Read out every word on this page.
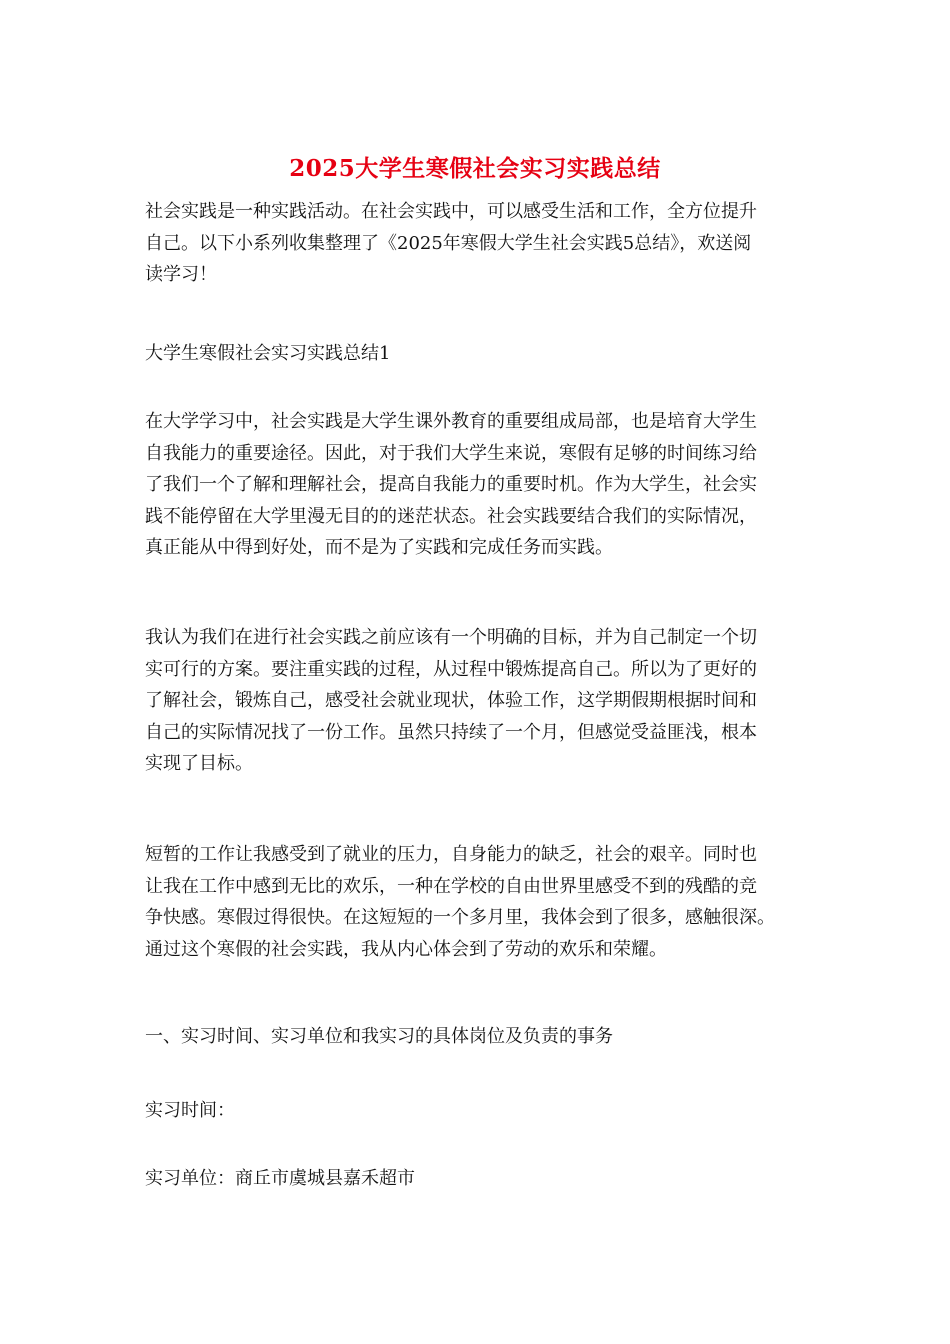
2025大学生寒假社会实习实践总结

社会实践是一种实践活动。在社会实践中，可以感受生活和工作，全方位提升
自己。以下小系列收集整理了《2025年寒假大学生社会实践5总结》，欢送阅
读学习！

大学生寒假社会实习实践总结1

在大学学习中，社会实践是大学生课外教育的重要组成局部，也是培育大学生
自我能力的重要途径。因此，对于我们大学生来说，寒假有足够的时间练习给
了我们一个了解和理解社会，提高自我能力的重要时机。作为大学生，社会实
践不能停留在大学里漫无目的的迷茫状态。社会实践要结合我们的实际情况，
真正能从中得到好处，而不是为了实践和完成任务而实践。

我认为我们在进行社会实践之前应该有一个明确的目标，并为自己制定一个切
实可行的方案。要注重实践的过程，从过程中锻炼提高自己。所以为了更好的
了解社会，锻炼自己，感受社会就业现状，体验工作，这学期假期根据时间和
自己的实际情况找了一份工作。虽然只持续了一个月，但感觉受益匪浅，根本
实现了目标。

短暂的工作让我感受到了就业的压力，自身能力的缺乏，社会的艰辛。同时也
让我在工作中感到无比的欢乐，一种在学校的自由世界里感受不到的残酷的竞
争快感。寒假过得很快。在这短短的一个多月里，我体会到了很多，感触很深。
通过这个寒假的社会实践，我从内心体会到了劳动的欢乐和荣耀。

一、实习时间、实习单位和我实习的具体岗位及负责的事务

实习时间：

实习单位：商丘市虞城县嘉禾超市
